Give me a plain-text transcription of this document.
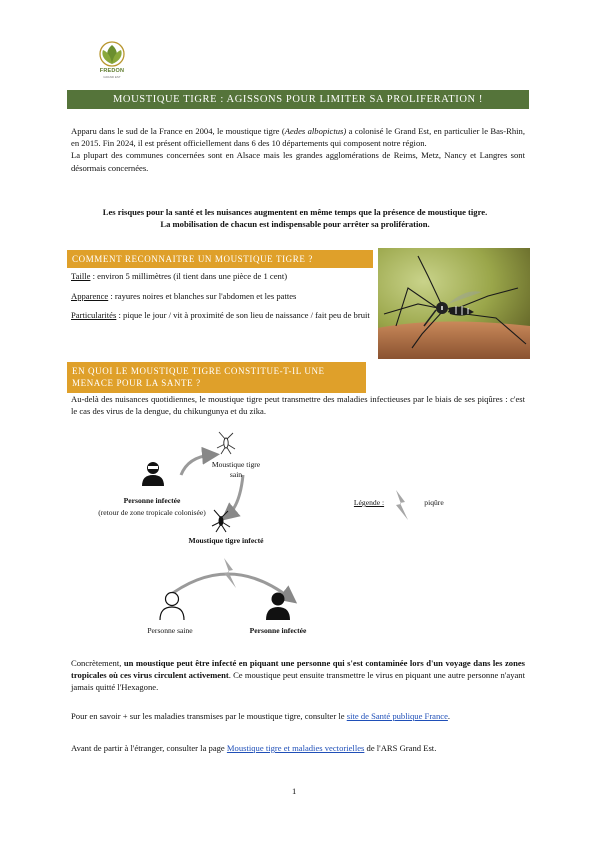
FREDON
GRAND EST
MOUSTIQUE TIGRE : AGISSONS POUR LIMITER SA PROLIFERATION !
Apparu dans le sud de la France en 2004, le moustique tigre (Aedes albopictus) a colonisé le Grand Est, en particulier le Bas-Rhin, en 2015. Fin 2024, il est présent officiellement dans 6 des 10 départements qui composent notre région.
La plupart des communes concernées sont en Alsace mais les grandes agglomérations de Reims, Metz, Nancy et Langres sont désormais concernées.
Les risques pour la santé et les nuisances augmentent en même temps que la présence de moustique tigre.
La mobilisation de chacun est indispensable pour arrêter sa prolifération.
COMMENT RECONNAITRE UN MOUSTIQUE TIGRE ?
Taille : environ 5 millimètres (il tient dans une pièce de 1 cent)
Apparence : rayures noires et blanches sur l'abdomen et les pattes
Particularités : pique le jour / vit à proximité de son lieu de naissance / fait peu de bruit
EN QUOI LE MOUSTIQUE TIGRE CONSTITUE-T-IL UNE MENACE POUR LA SANTE ?
Au-delà des nuisances quotidiennes, le moustique tigre peut transmettre des maladies infectieuses par le biais de ses piqûres : c'est le cas des virus de la dengue, du chikungunya et du zika.
Personne infectée
(retour de zone tropicale colonisée)
Moustique tigre sain
Moustique tigre infecté
Personne saine	Personne infectée
Légende :	piqûre
Concrètement, un moustique peut être infecté en piquant une personne qui s'est contaminée lors d'un voyage dans les zones tropicales où ces virus circulent activement. Ce moustique peut ensuite transmettre le virus en piquant une autre personne n'ayant jamais quitté l'Hexagone.
Pour en savoir + sur les maladies transmises par le moustique tigre, consulter le site de Santé publique France.
Avant de partir à l'étranger, consulter la page Moustique tigre et maladies vectorielles de l'ARS Grand Est.
1
